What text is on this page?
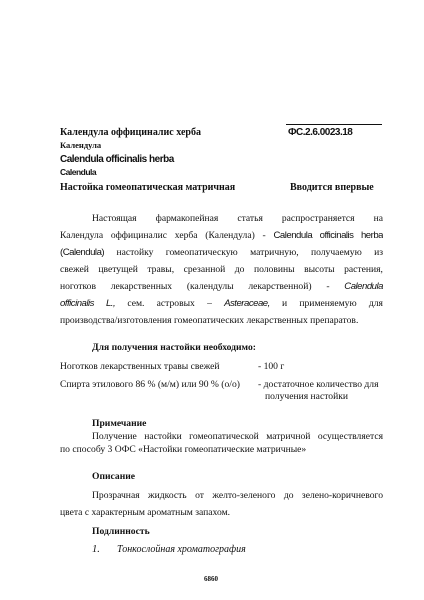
Календула оффициналис херба
Календула
Calendula officinalis herba
Calendula
ФС.2.6.0023.18
Настойка гомеопатическая матричная	Вводится впервые
Настоящая фармакопейная статья распространяется на
Календула оффициналис херба (Календула) - Calendula officinalis herba
(Calendula) настойку гомеопатическую матричную, получаемую из
свежей цветущей травы, срезанной до половины высоты растения,
ноготков лекарственных (календулы лекарственной) - Calendula
officinalis L., сем. астровых – Asteraceae, и применяемую для
производства/изготовления гомеопатических лекарственных препаратов.
Для получения настойки необходимо:
Ноготков лекарственных травы свежей	- 100 г
Спирта этилового 86 % (м/м) или 90 % (о/о) - достаточное количество для
получения настойки
Примечание
Получение настойки гомеопатической матричной осуществляется
по способу 3 ОФС «Настойки гомеопатические матричные»
Описание
Прозрачная жидкость от желто-зеленого до зелено-коричневого
цвета с характерным ароматным запахом.
Подлинность
1. Тонкослойная хроматография
6860
